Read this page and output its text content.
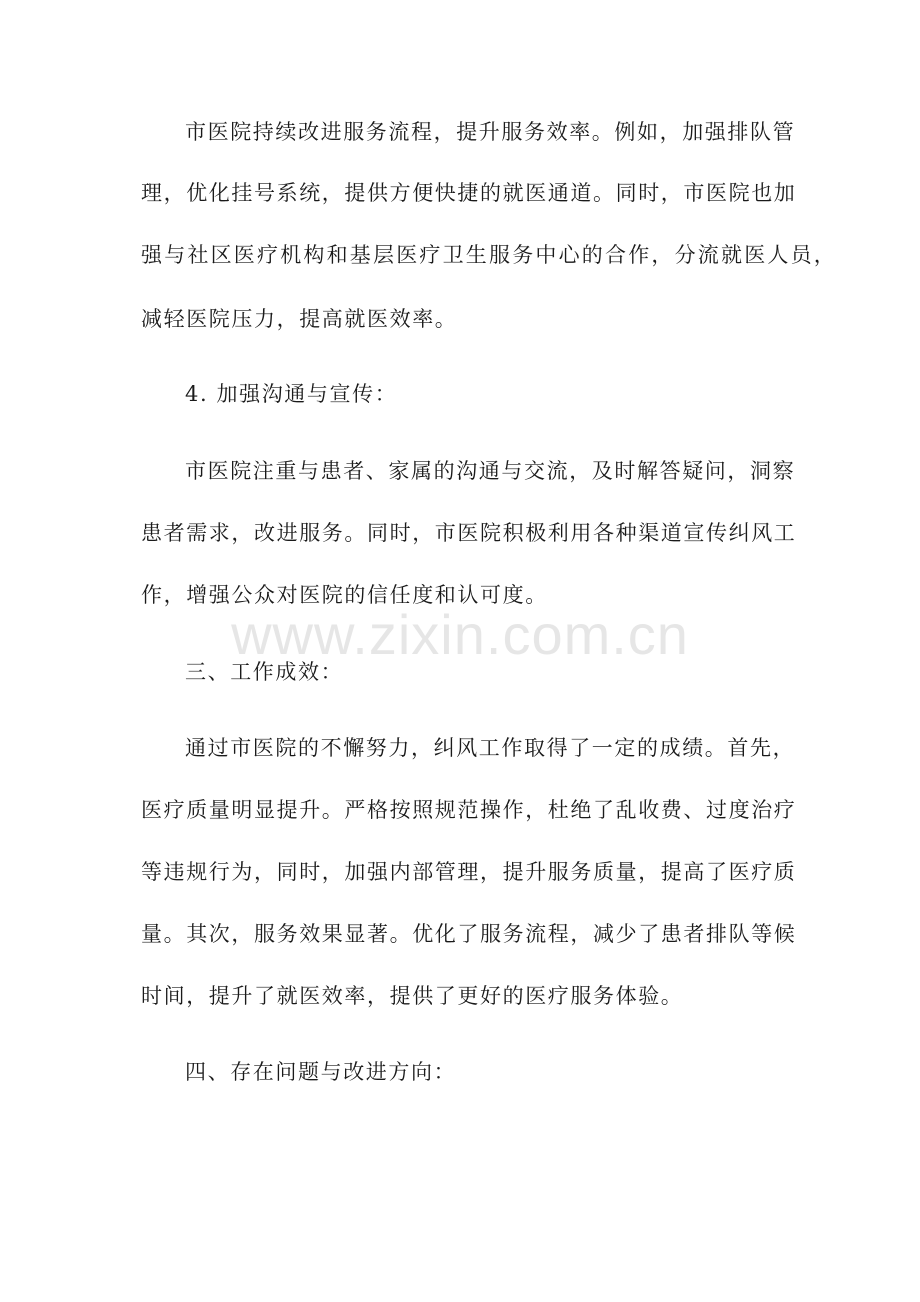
市医院持续改进服务流程，提升服务效率。例如，加强排队管
理，优化挂号系统，提供方便快捷的就医通道。同时，市医院也加
强与社区医疗机构和基层医疗卫生服务中心的合作，分流就医人员，
减轻医院压力，提高就医效率。
4. 加强沟通与宣传：
市医院注重与患者、家属的沟通与交流，及时解答疑问，洞察
患者需求，改进服务。同时，市医院积极利用各种渠道宣传纠风工
作，增强公众对医院的信任度和认可度。
www.zixin.com.cn
三、工作成效：
通过市医院的不懈努力，纠风工作取得了一定的成绩。首先，
医疗质量明显提升。严格按照规范操作，杜绝了乱收费、过度治疗
等违规行为，同时，加强内部管理，提升服务质量，提高了医疗质
量。其次，服务效果显著。优化了服务流程，减少了患者排队等候
时间，提升了就医效率，提供了更好的医疗服务体验。
四、存在问题与改进方向：
